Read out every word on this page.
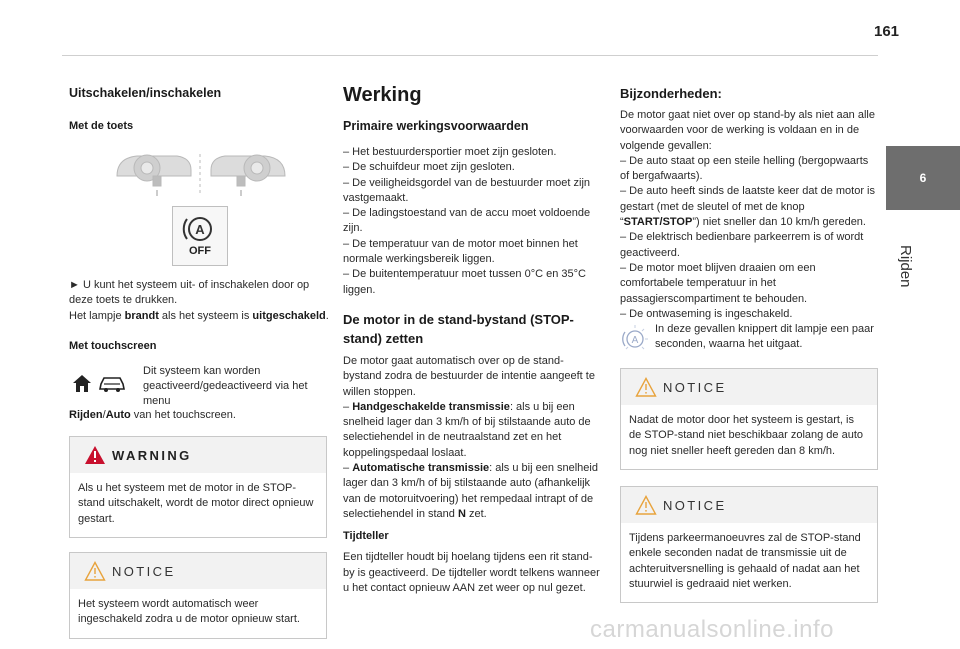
161
6
Rijden
Uitschakelen/inschakelen
Met de toets
A
OFF

► U kunt het systeem uit- of inschakelen door op deze toets te drukken.

Het lampje brandt als het systeem is uitgeschakeld.

Met touchscreen

Dit systeem kan worden geactiveerd/gedeactiveerd via het menu

Rijden/Auto van het touchscreen.

WARNING

Als u het systeem met de motor in de STOP-stand uitschakelt, wordt de motor direct opnieuw gestart.

NOTICE

Het systeem wordt automatisch weer ingeschakeld zodra u de motor opnieuw start.

Werking
Primaire werkingsvoorwaarden

– Het bestuurdersportier moet zijn gesloten.

– De schuifdeur moet zijn gesloten.

– De veiligheidsgordel van de bestuurder moet zijn vastgemaakt.

– De ladingstoestand van de accu moet voldoende zijn.

– De temperatuur van de motor moet binnen het normale werkingsbereik liggen.

– De buitentemperatuur moet tussen 0°C en 35°C liggen.

De motor in de stand-bystand (STOP-stand) zetten

De motor gaat automatisch over op de stand-bystand zodra de bestuurder de intentie aangeeft te willen stoppen.

– Handgeschakelde transmissie: als u bij een snelheid lager dan 3 km/h of bij stilstaande auto de selectiehendel in de neutraalstand zet en het koppelingspedaal loslaat.

– Automatische transmissie: als u bij een snelheid lager dan 3 km/h of bij stilstaande auto (afhankelijk van de motoruitvoering) het rempedaal intrapt of de selectiehendel in stand N zet.

Tijdteller

Een tijdteller houdt bij hoelang tijdens een rit stand-by is geactiveerd. De tijdteller wordt telkens wanneer u het contact opnieuw AAN zet weer op nul gezet.

Bijzonderheden:

De motor gaat niet over op stand-by als niet aan alle voorwaarden voor de werking is voldaan en in de volgende gevallen:

– De auto staat op een steile helling (bergopwaarts of bergafwaarts).

– De auto heeft sinds de laatste keer dat de motor is gestart (met de sleutel of met de knop “START/STOP”) niet sneller dan 10 km/h gereden.

– De elektrisch bedienbare parkeerrem is of wordt geactiveerd.

– De motor moet blijven draaien om een comfortabele temperatuur in het passagierscompartiment te behouden.

– De ontwaseming is ingeschakeld.

A

In deze gevallen knippert dit lampje een paar seconden, waarna het uitgaat.

NOTICE

Nadat de motor door het systeem is gestart, is de STOP-stand niet beschikbaar zolang de auto nog niet sneller heeft gereden dan 8 km/h.

NOTICE

Tijdens parkeermanoeuvres zal de STOP-stand enkele seconden nadat de transmissie uit de achteruitversnelling is gehaald of nadat aan het stuurwiel is gedraaid niet werken.

carmanualsonline.info
